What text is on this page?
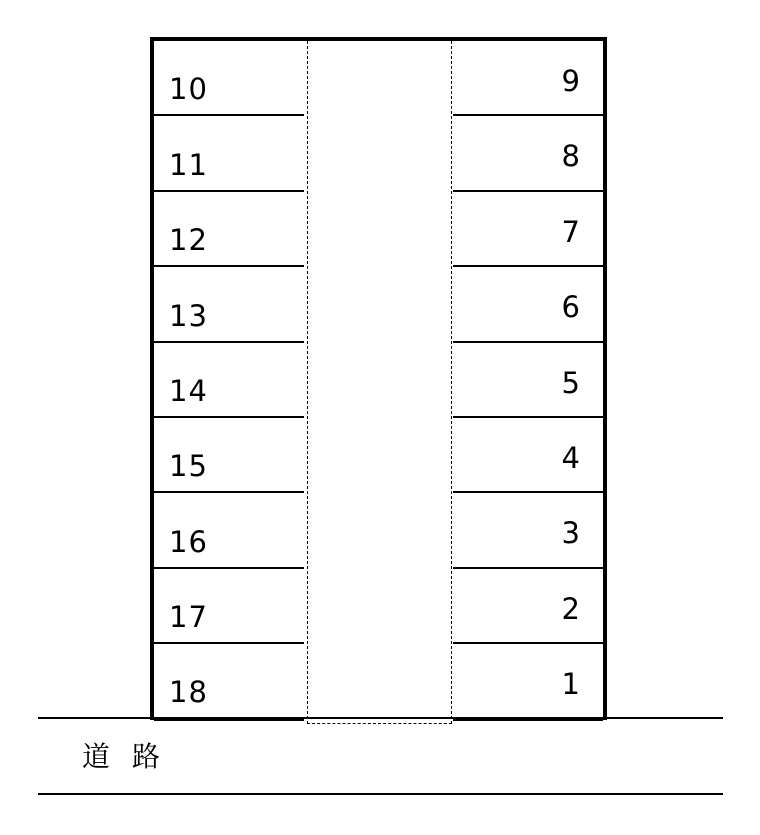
10
11
12
13
14
15
16
17
18
9
8
7
6
5
4
3
2
1
道路
